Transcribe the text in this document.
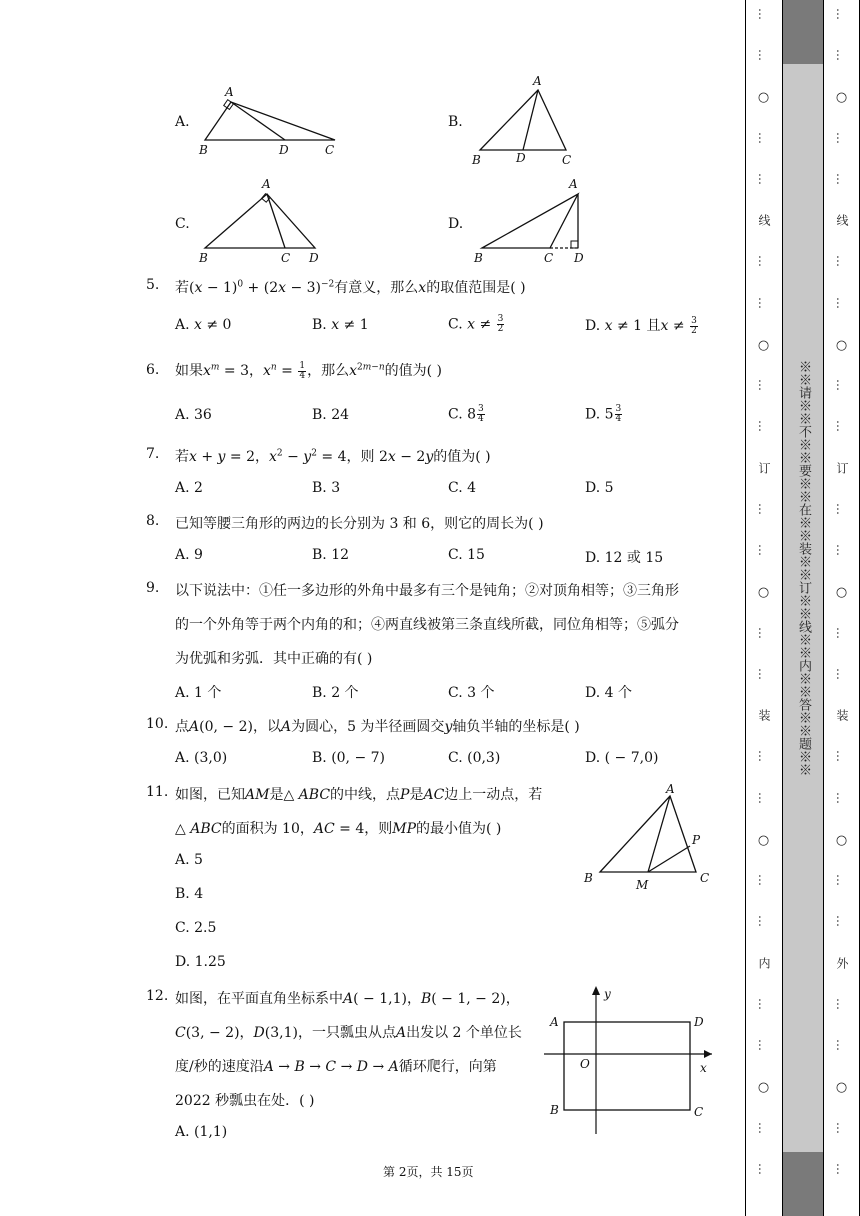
A.
A
B	D	C
B.
A
B	D	C
C.
A
B	C D
D.
A
B	C D
5. 若$(x - 1)^0 + (2x - 3)^{-2}$有意义，那么x的取值范围是( )
A. x ≠ 0	B. x ≠ 1	C. $x \ne \frac{3}{2}$	D. x ≠ 1 且$x \ne \frac{3}{2}$
6. 如果$x^m = 3$，$x^n = \frac{1}{4}$ ，那么$x^{2m-n}$的值为( )
A. 36	B. 24	C. $8 \frac{3}{4}$	D. $5 \frac{3}{4}$
7. 若x + y = 2，$x^2 - y^2 = 4$，则 2x − 2y的值为( )
A. 2	B. 3	C. 4	D. 5
8. 已知等腰三角形的两边的长分别为 3 和 6，则它的周长为( )
A. 9	B. 12	C. 15	D. 12 或 15
9. 以下说法中：①任一多边形的外角中最多有三个是钝角；②对顶角相等；③三角形
的一个外角等于两个内角的和；④两直线被第三条直线所截，同位角相等；⑤弧分
为优弧和劣弧．其中正确的有( )
A. 1 个	B. 2 个	C. 3 个	D. 4 个
10. 点A(0, − 2)，以A为圆心，5 为半径画圆交y轴负半轴的坐标是( )
A. (3,0)	B. (0, − 7)	C. (0,3)	D. ( − 7,0)
11. 如图，已知AM是△ ABC的中线，点P是AC边上一动点，若
△ ABC的面积为 10，AC = 4，则MP的最小值为( )
A. 5
B. 4
C. 2.5
D. 1.25
A
B	M
P
C
12. 如图，在平面直角坐标系中A( − 1,1)，B( − 1, − 2)，
C(3, − 2)，D(3,1)，一只瓢虫从点A出发以 2 个单位长
度/秒的速度沿A → B → C → D → A循环爬行，向第
2022 秒瓢虫在处．( )
A. (1,1)
y
x
O
A	D
B	C
第 2页，共 15页
※※请※※不※※要※※在※※装※※订※※线※※内※※答※※题※※
…
…
○
…
…
线
…
…
○
…
…
订
…
…
○
…
…
装
…
…
○
…
…
内
…
…
○
…
…
…
…
○
…
…
线
…
…
○
…
…
订
…
…
○
…
…
装
…
…
○
…
…
外
…
…
○
…
…
